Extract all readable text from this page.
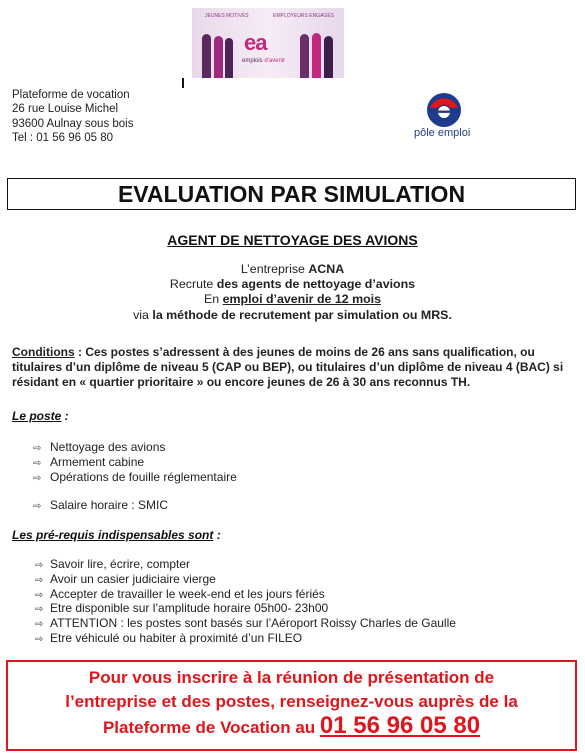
JEUNES MOTIVÉS	EMPLOYEURS ENGAGÉS
ea
emplois d'avenir
Plateforme de vocation
26 rue Louise Michel
93600 Aulnay sous bois
Tel : 01 56 96 05 80	pôle emploi
EVALUATION PAR SIMULATION
AGENT DE NETTOYAGE DES AVIONS
L’entreprise ACNA
Recrute des agents de nettoyage d’avions
En emploi d’avenir de 12 mois
via la méthode de recrutement par simulation ou MRS.
Conditions : Ces postes s’adressent à des jeunes de moins de 26 ans sans qualification, ou titulaires d’un diplôme de niveau 5 (CAP ou BEP), ou titulaires d’un diplôme de niveau 4 (BAC) si résidant en « quartier prioritaire » ou encore jeunes de 26 à 30 ans reconnus TH.
Le poste :
⇨ Nettoyage des avions
⇨ Armement cabine
⇨ Opérations de fouille réglementaire
⇨ Salaire horaire : SMIC
Les pré-requis indispensables sont :
⇨ Savoir lire, écrire, compter
⇨ Avoir un casier judiciaire vierge
⇨ Accepter de travailler le week-end et les jours fériés
⇨ Etre disponible sur l’amplitude horaire 05h00- 23h00
⇨ ATTENTION : les postes sont basés sur l’Aéroport Roissy Charles de Gaulle
⇨ Etre véhiculé ou habiter à proximité d’un FILEO
Pour vous inscrire à la réunion de présentation de
l’entreprise et des postes, renseignez-vous auprès de la
Plateforme de Vocation au 01 56 96 05 80
